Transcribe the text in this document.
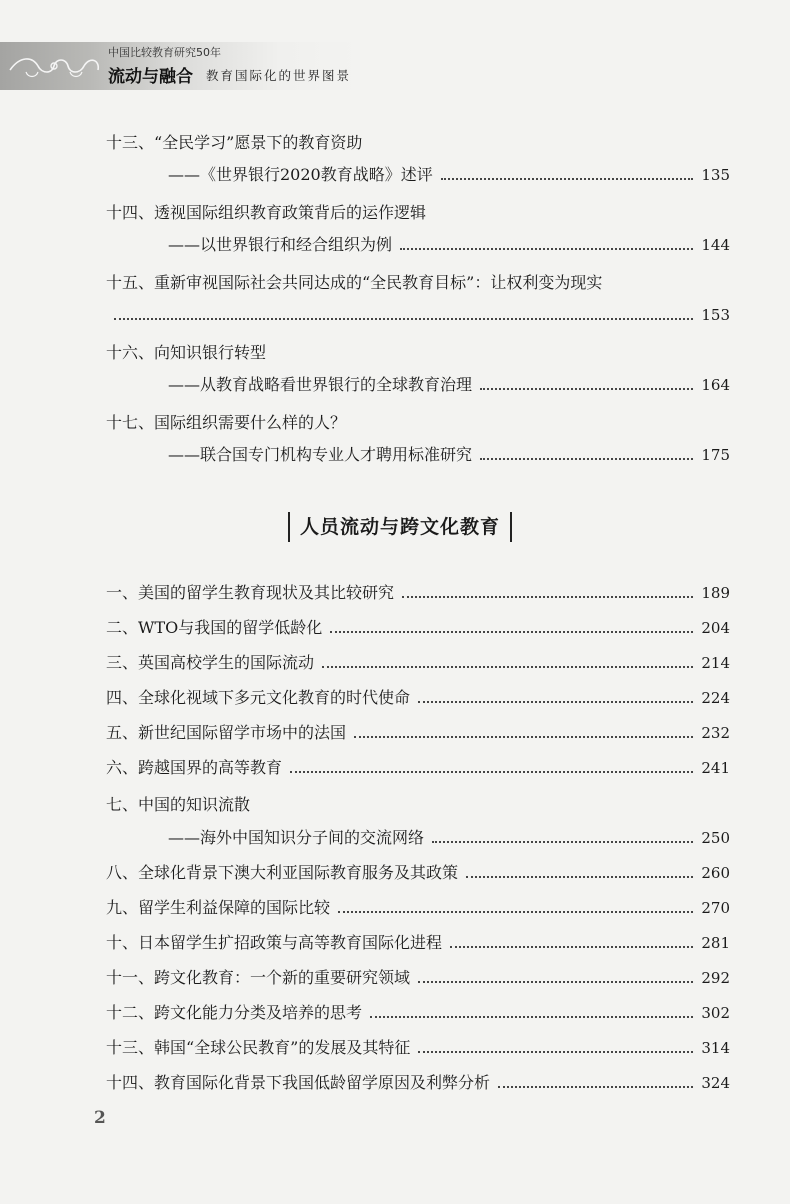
中国比较教育研究50年
流动与融合 教育国际化的世界图景
十三、“全民学习”愿景下的教育资助
——《世界银行2020教育战略》述评	135
十四、透视国际组织教育政策背后的运作逻辑
——以世界银行和经合组织为例	144
十五、重新审视国际社会共同达成的“全民教育目标”：让权利变为现实
153
十六、向知识银行转型
——从教育战略看世界银行的全球教育治理	164
十七、国际组织需要什么样的人？
——联合国专门机构专业人才聘用标准研究	175
人员流动与跨文化教育
一、美国的留学生教育现状及其比较研究	189
二、WTO与我国的留学低龄化	204
三、英国高校学生的国际流动	214
四、全球化视域下多元文化教育的时代使命	224
五、新世纪国际留学市场中的法国	232
六、跨越国界的高等教育	241
七、中国的知识流散
——海外中国知识分子间的交流网络	250
八、全球化背景下澳大利亚国际教育服务及其政策	260
九、留学生利益保障的国际比较	270
十、日本留学生扩招政策与高等教育国际化进程	281
十一、跨文化教育：一个新的重要研究领域	292
十二、跨文化能力分类及培养的思考	302
十三、韩国“全球公民教育”的发展及其特征	314
十四、教育国际化背景下我国低龄留学原因及利弊分析	324
2
